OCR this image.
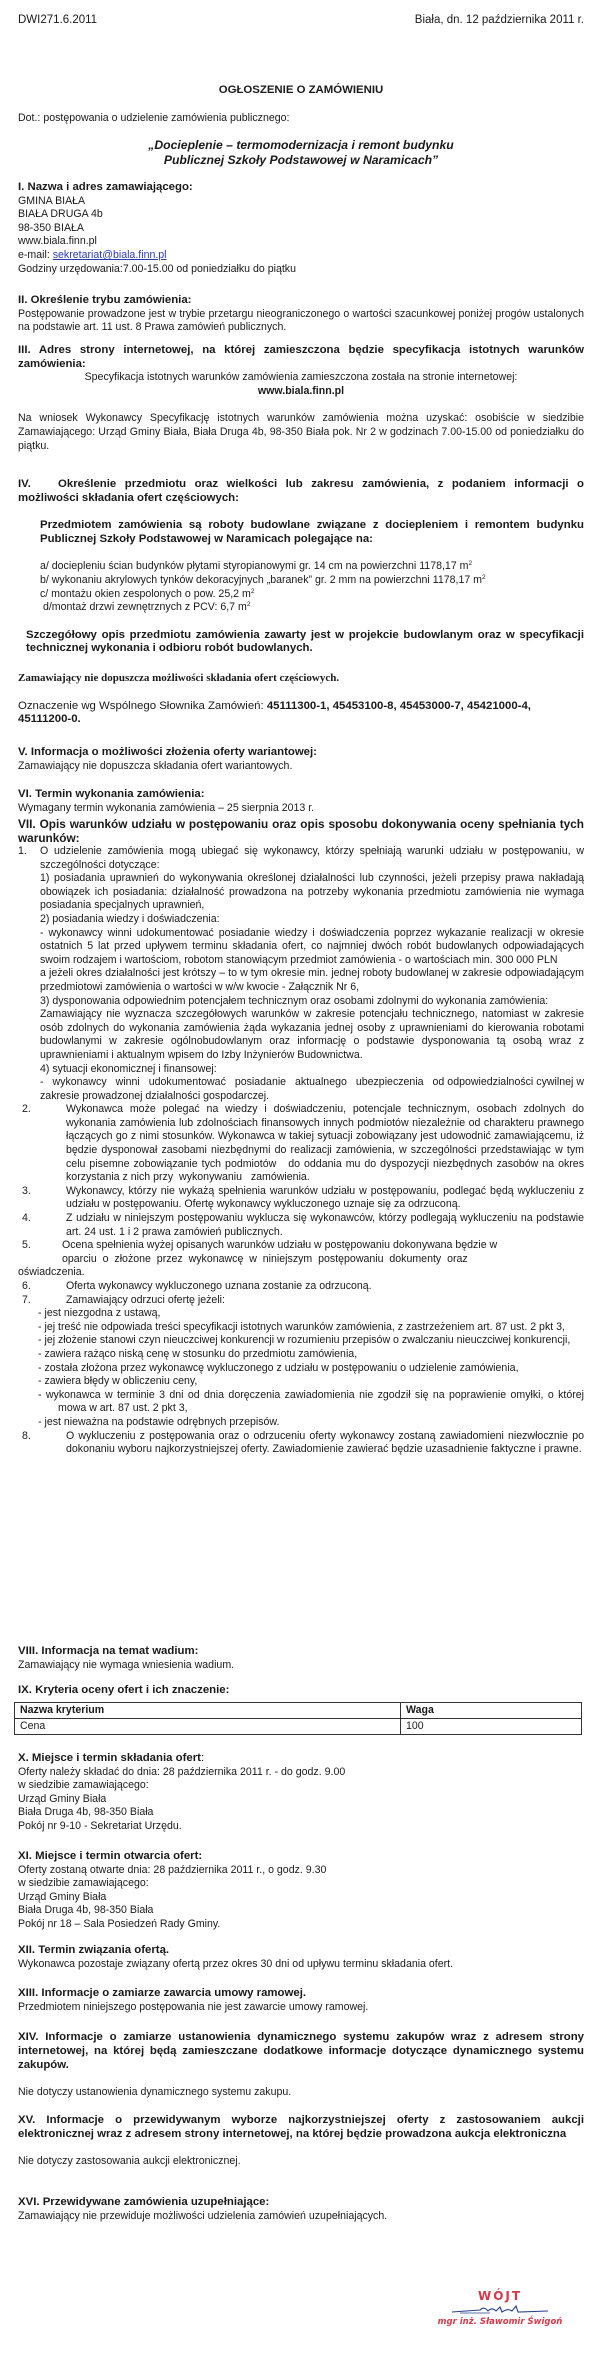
DWI271.6.2011	Biała, dn. 12 października 2011 r.
OGŁOSZENIE O ZAMÓWIENIU
Dot.: postępowania o udzielenie zamówienia publicznego:
„Docieplenie – termomodernizacja i remont budynku
Publicznej Szkoły Podstawowej w Naramicach”
I. Nazwa i adres zamawiającego:
GMINA BIAŁA
BIAŁA DRUGA 4b
98-350 BIAŁA
www.biala.finn.pl
e-mail: sekretariat@biala.finn.pl
Godziny urzędowania:7.00-15.00 od poniedziałku do piątku
II. Określenie trybu zamówienia:
Postępowanie prowadzone jest w trybie przetargu nieograniczonego o wartości szacunkowej poniżej progów ustalonych na podstawie art. 11 ust. 8 Prawa zamówień publicznych.
III. Adres strony internetowej, na której zamieszczona będzie specyfikacja istotnych warunków zamówienia:
Specyfikacja istotnych warunków zamówienia zamieszczona została na stronie internetowej:
www.biala.finn.pl
Na wniosek Wykonawcy Specyfikację istotnych warunków zamówienia można uzyskać: osobiście w siedzibie Zamawiającego: Urząd Gminy Biała, Biała Druga 4b, 98-350 Biała pok. Nr 2 w godzinach 7.00-15.00 od poniedziałku do piątku.
IV. Określenie przedmiotu oraz wielkości lub zakresu zamówienia, z podaniem informacji o możliwości składania ofert częściowych:
Przedmiotem zamówienia są roboty budowlane związane z dociepleniem i remontem budynku Publicznej Szkoły Podstawowej w Naramicach polegające na:
a/ dociepleniu ścian budynków płytami styropianowymi gr. 14 cm na powierzchni 1178,17 $m^2$
b/ wykonaniu akrylowych tynków dekoracyjnych „baranek” gr. 2 mm na powierzchni 1178,17 $m^2$
c/ montażu okien zespolonych o pow. 25,2 $m^2$
d/montaż drzwi zewnętrznych z PCV: 6,7 $m^2$
Szczegółowy opis przedmiotu zamówienia zawarty jest w projekcie budowlanym oraz w specyfikacji technicznej wykonania i odbioru robót budowlanych.
Zamawiający nie dopuszcza możliwości składania ofert częściowych.
Oznaczenie wg Wspólnego Słownika Zamówień: 45111300-1, 45453100-8, 45453000-7, 45421000-4, 45111200-0.
V. Informacja o możliwości złożenia oferty wariantowej:
Zamawiający nie dopuszcza składania ofert wariantowych.
VI. Termin wykonania zamówienia:
Wymagany termin wykonania zamówienia – 25 sierpnia 2013 r.
VII. Opis warunków udziału w postępowaniu oraz opis sposobu dokonywania oceny spełniania tych warunków:
1. O udzielenie zamówienia mogą ubiegać się wykonawcy, którzy spełniają warunki udziału w postępowaniu, w szczególności dotyczące:
1) posiadania uprawnień do wykonywania określonej działalności lub czynności, jeżeli przepisy prawa nakładają obowiązek ich posiadania: działalność prowadzona na potrzeby wykonania przedmiotu zamówienia nie wymaga posiadania specjalnych uprawnień,
2) posiadania wiedzy i doświadczenia:
- wykonawcy winni udokumentować posiadanie wiedzy i doświadczenia poprzez wykazanie realizacji w okresie ostatnich 5 lat przed upływem terminu składania ofert, co najmniej dwóch robót budowlanych odpowiadających swoim rodzajem i wartościom, robotom stanowiącym przedmiot zamówienia - o wartościach min. 300 000 PLN
a jeżeli okres działalności jest krótszy – to w tym okresie min. jednej roboty budowlanej w zakresie odpowiadającym przedmiotowi zamówienia o wartości w w/w kwocie - Załącznik Nr 6,
3) dysponowania odpowiednim potencjałem technicznym oraz osobami zdolnymi do wykonania zamówienia:
Zamawiający nie wyznacza szczegółowych warunków w zakresie potencjału technicznego, natomiast w zakresie osób zdolnych do wykonania zamówienia żąda wykazania jednej osoby z uprawnieniami do kierowania robotami budowlanymi w zakresie ogólnobudowlanym oraz informację o podstawie dysponowania tą osobą wraz z uprawnieniami i aktualnym wpisem do Izby Inżynierów Budownictwa.
4) sytuacji ekonomicznej i finansowej:
-   wykonawcy   winni   udokumentować   posiadanie   aktualnego   ubezpieczenia   od odpowiedzialności cywilnej w zakresie prowadzonej działalności gospodarczej.
2.	Wykonawca może polegać na wiedzy i doświadczeniu, potencjale technicznym, osobach zdolnych do wykonania zamówienia lub zdolnościach finansowych innych podmiotów niezależnie od charakteru prawnego łączących go z nimi stosunków. Wykonawca w takiej sytuacji zobowiązany jest udowodnić zamawiającemu, iż będzie dysponował zasobami niezbędnymi do realizacji zamówienia, w szczególności przedstawiając w tym celu pisemne zobowiązanie tych podmiotów   do oddania mu do dyspozycji niezbędnych zasobów na okres korzystania z nich przy  wykonywaniu   zamówienia.
3.	Wykonawcy, którzy nie wykażą spełnienia warunków udziału w postępowaniu, podlegać będą wykluczeniu z udziału w postępowaniu. Ofertę wykonawcy wykluczonego uznaje się za odrzuconą.
4.	Z udziału w niniejszym postępowaniu wyklucza się wykonawców, którzy podlegają wykluczeniu na podstawie art. 24 ust. 1 i 2 prawa zamówień publicznych.
5.	Ocena spełnienia wyżej opisanych warunków udziału w postępowaniu dokonywana będzie w
oparciu  o  złożone  przez  wykonawcę  w  niniejszym  postępowaniu  dokumenty  oraz
oświadczenia.
6.	Oferta wykonawcy wykluczonego uznana zostanie za odrzuconą.
7.	Zamawiający odrzuci ofertę jeżeli:
- jest niezgodna z ustawą,
- jej treść nie odpowiada treści specyfikacji istotnych warunków zamówienia, z zastrzeżeniem art. 87 ust. 2 pkt 3,
- jej złożenie stanowi czyn nieuczciwej konkurencji w rozumieniu przepisów o zwalczaniu nieuczciwej konkurencji,
- zawiera rażąco niską cenę w stosunku do przedmiotu zamówienia,
- została złożona przez wykonawcę wykluczonego z udziału w postępowaniu o udzielenie zamówienia,
- zawiera błędy w obliczeniu ceny,
- wykonawca w terminie 3 dni od dnia doręczenia zawiadomienia nie zgodził się na poprawienie omyłki, o której mowa w art. 87 ust. 2 pkt 3,
- jest nieważna na podstawie odrębnych przepisów.
8.	O wykluczeniu z postępowania oraz o odrzuceniu oferty wykonawcy zostaną zawiadomieni niezwłocznie po dokonaniu wyboru najkorzystniejszej oferty. Zawiadomienie zawierać będzie uzasadnienie faktyczne i prawne.
VIII. Informacja na temat wadium:
Zamawiający nie wymaga wniesienia wadium.
IX. Kryteria oceny ofert i ich znaczenie:
Nazwa kryterium	Waga
Cena	100
X. Miejsce i termin składania ofert:
Oferty należy składać do dnia: 28 października 2011 r. - do godz. 9.00
w siedzibie zamawiającego:
Urząd Gminy Biała
Biała Druga 4b, 98-350 Biała
Pokój nr 9-10 - Sekretariat Urzędu.
XI. Miejsce i termin otwarcia ofert:
Oferty zostaną otwarte dnia: 28 października 2011 r., o godz. 9.30
w siedzibie zamawiającego:
Urząd Gminy Biała
Biała Druga 4b, 98-350 Biała
Pokój nr 18 – Sala Posiedzeń Rady Gminy.
XII. Termin związania ofertą.
Wykonawca pozostaje związany ofertą przez okres 30 dni od upływu terminu składania ofert.
XIII. Informacje o zamiarze zawarcia umowy ramowej.
Przedmiotem niniejszego postępowania nie jest zawarcie umowy ramowej.
XIV. Informacje o zamiarze ustanowienia dynamicznego systemu zakupów wraz z adresem strony internetowej, na której będą zamieszczane dodatkowe informacje dotyczące dynamicznego systemu zakupów.
Nie dotyczy ustanowienia dynamicznego systemu zakupu.
XV. Informacje o przewidywanym wyborze najkorzystniejszej oferty z zastosowaniem aukcji elektronicznej wraz z adresem strony internetowej, na której będzie prowadzona aukcja elektroniczna
Nie dotyczy zastosowania aukcji elektronicznej.
XVI. Przewidywane zamówienia uzupełniające:
Zamawiający nie przewiduje możliwości udzielenia zamówień uzupełniających.
WÓJT
mgr inż. Sławomir Świgoń
